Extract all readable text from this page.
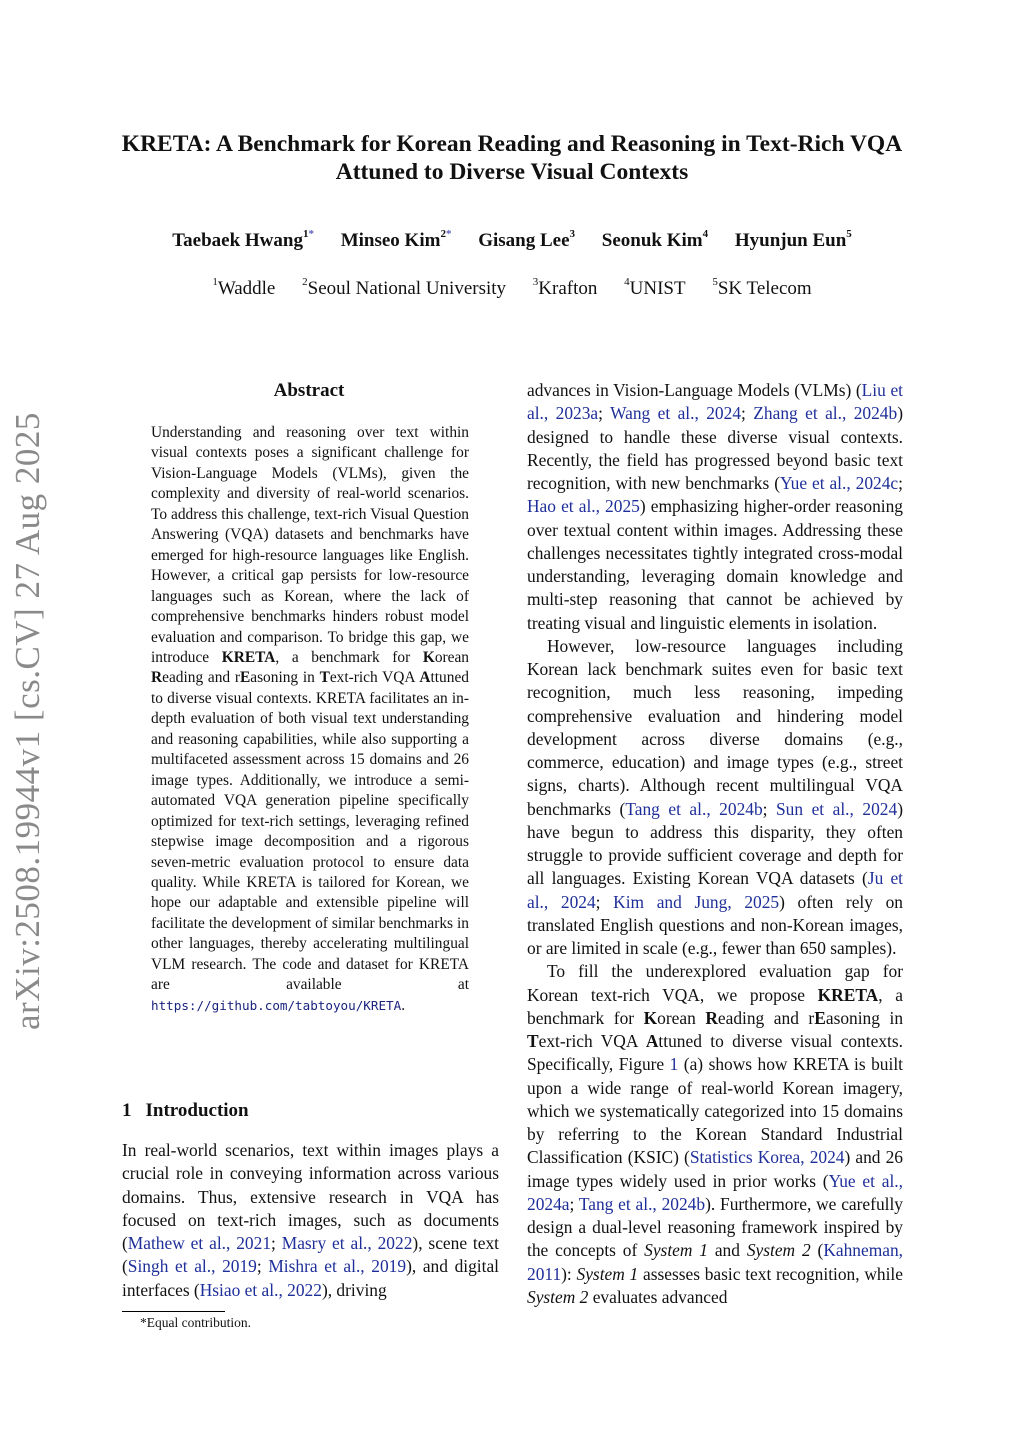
arXiv:2508.19944v1 [cs.CV] 27 Aug 2025
KRETA: A Benchmark for Korean Reading and Reasoning in Text-Rich VQA Attuned to Diverse Visual Contexts
Taebaek Hwang$^{1*}$ Minseo Kim$^{2*}$ Gisang Lee$^3$ Seonuk Kim$^4$ Hyunjun Eun$^5$
$^1$Waddle $^2$Seoul National University $^3$Krafton $^4$UNIST $^5$SK Telecom
Abstract
Understanding and reasoning over text within visual contexts poses a significant challenge for Vision-Language Models (VLMs), given the complexity and diversity of real-world scenarios. To address this challenge, text-rich Visual Question Answering (VQA) datasets and benchmarks have emerged for high-resource languages like English. However, a critical gap persists for low-resource languages such as Korean, where the lack of comprehensive benchmarks hinders robust model evaluation and comparison. To bridge this gap, we introduce KRETA, a benchmark for Korean Reading and rEasoning in Text-rich VQA Attuned to diverse visual contexts. KRETA facilitates an in-depth evaluation of both visual text understanding and reasoning capabilities, while also supporting a multifaceted assessment across 15 domains and 26 image types. Additionally, we introduce a semi-automated VQA generation pipeline specifically optimized for text-rich settings, leveraging refined stepwise image decomposition and a rigorous seven-metric evaluation protocol to ensure data quality. While KRETA is tailored for Korean, we hope our adaptable and extensible pipeline will facilitate the development of similar benchmarks in other languages, thereby accelerating multilingual VLM research. The code and dataset for KRETA are available at https://github.com/tabtoyou/KRETA.
1 Introduction
In real-world scenarios, text within images plays a crucial role in conveying information across various domains. Thus, extensive research in VQA has focused on text-rich images, such as documents (Mathew et al., 2021; Masry et al., 2022), scene text (Singh et al., 2019; Mishra et al., 2019), and digital interfaces (Hsiao et al., 2022), driving
*Equal contribution.

advances in Vision-Language Models (VLMs) (Liu et al., 2023a; Wang et al., 2024; Zhang et al., 2024b) designed to handle these diverse visual contexts. Recently, the field has progressed beyond basic text recognition, with new benchmarks (Yue et al., 2024c; Hao et al., 2025) emphasizing higher-order reasoning over textual content within images. Addressing these challenges necessitates tightly integrated cross-modal understanding, leveraging domain knowledge and multi-step reasoning that cannot be achieved by treating visual and linguistic elements in isolation.

However, low-resource languages including Korean lack benchmark suites even for basic text recognition, much less reasoning, impeding comprehensive evaluation and hindering model development across diverse domains (e.g., commerce, education) and image types (e.g., street signs, charts). Although recent multilingual VQA benchmarks (Tang et al., 2024b; Sun et al., 2024) have begun to address this disparity, they often struggle to provide sufficient coverage and depth for all languages. Existing Korean VQA datasets (Ju et al., 2024; Kim and Jung, 2025) often rely on translated English questions and non-Korean images, or are limited in scale (e.g., fewer than 650 samples).

To fill the underexplored evaluation gap for Korean text-rich VQA, we propose KRETA, a benchmark for Korean Reading and rEasoning in Text-rich VQA Attuned to diverse visual contexts. Specifically, Figure 1 (a) shows how KRETA is built upon a wide range of real-world Korean imagery, which we systematically categorized into 15 domains by referring to the Korean Standard Industrial Classification (KSIC) (Statistics Korea, 2024) and 26 image types widely used in prior works (Yue et al., 2024a; Tang et al., 2024b). Furthermore, we carefully design a dual-level reasoning framework inspired by the concepts of System 1 and System 2 (Kahneman, 2011): System 1 assesses basic text recognition, while System 2 evaluates advanced
